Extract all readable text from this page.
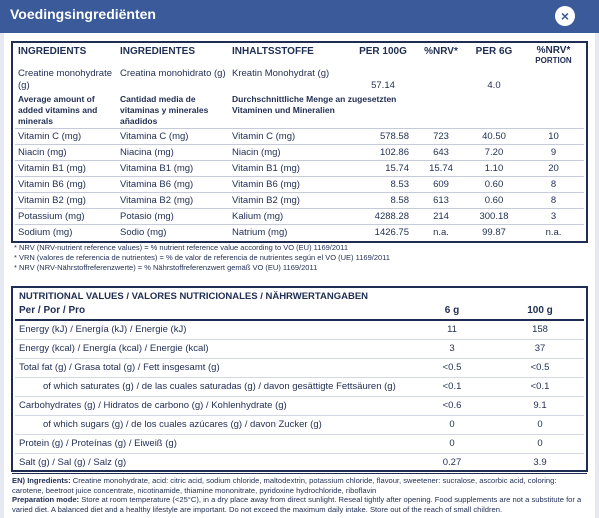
Voedingsingrediënten	×
INGREDIENTS	INGREDIENTES	INHALTSSTOFFE	PER 100G	%NRV*	PER 6G	%NRV*
PORTION
Creatine monohydrate (g)	Creatina monohidrato (g)	Kreatin Monohydrat (g)	57.14		4.0	
Average amount of added vitamins and minerals	Cantidad media de vitaminas y minerales añadidos	Durchschnittliche Menge an zugesetzten Vitaminen und Mineralien				
Vitamin C (mg)	Vitamina C (mg)	Vitamin C (mg)	578.58	723	40.50	10
Niacin (mg)	Niacina (mg)	Niacin (mg)	102.86	643	7.20	9
Vitamin B1 (mg)	Vitamina B1 (mg)	Vitamin B1 (mg)	15.74	15.74	1.10	20
Vitamin B6 (mg)	Vitamina B6 (mg)	Vitamin B6 (mg)	8.53	609	0.60	8
Vitamin B2 (mg)	Vitamina B2 (mg)	Vitamin B2 (mg)	8.58	613	0.60	8
Potassium (mg)	Potasio (mg)	Kalium (mg)	4288.28	214	300.18	3
Sodium (mg)	Sodio (mg)	Natrium (mg)	1426.75	n.a.	99.87	n.a.
* NRV (NRV-nutrient reference values) = % nutrient reference value according to VO (EU) 1169/2011
* VRN (valores de referencia de nutrientes) = % de valor de referencia de nutrientes según el VO (UE) 1169/2011
* NRV (NRV-Nährstoffreferenzwerte) = % Nährstoffreferenzwert gemäß VO (EU) 1169/2011
NUTRITIONAL VALUES / VALORES NUTRICIONALES / NÄHRWERTANGABEN		
Per / Por / Pro	6 g	100 g
Energy (kJ) / Energía (kJ) / Energie (kJ)	11	158
Energy (kcal) / Energía (kcal) / Energie (kcal)	3	37
Total fat (g) / Grasa total (g) / Fett insgesamt (g)	<0.5	<0.5
of which saturates (g) / de las cuales saturadas (g) / davon gesättigte Fettsäuren (g)	<0.1	<0.1
Carbohydrates (g) / Hidratos de carbono (g) / Kohlenhydrate (g)	<0.6	9.1
of which sugars (g) / de los cuales azúcares (g) / davon Zucker (g)	0	0
Protein (g) / Proteínas (g) / Eiweiß (g)	0	0
Salt (g) / Sal (g) / Salz (g)	0.27	3.9
EN) Ingredients: Creatine monohydrate, acid: citric acid, sodium chloride, maltodextrin, potassium chloride, flavour, sweetener: sucralose, ascorbic acid, coloring: carotene, beetroot juice concentrate, nicotinamide, thiamine mononitrate, pyridoxine hydrochloride, riboflavin
Preparation mode: Store at room temperature (<25°C), in a dry place away from direct sunlight. Reseal tightly after opening. Food supplements are not a substitute for a varied diet. A balanced diet and a healthy lifestyle are important. Do not exceed the maximum daily intake. Store out of the reach of small children.
